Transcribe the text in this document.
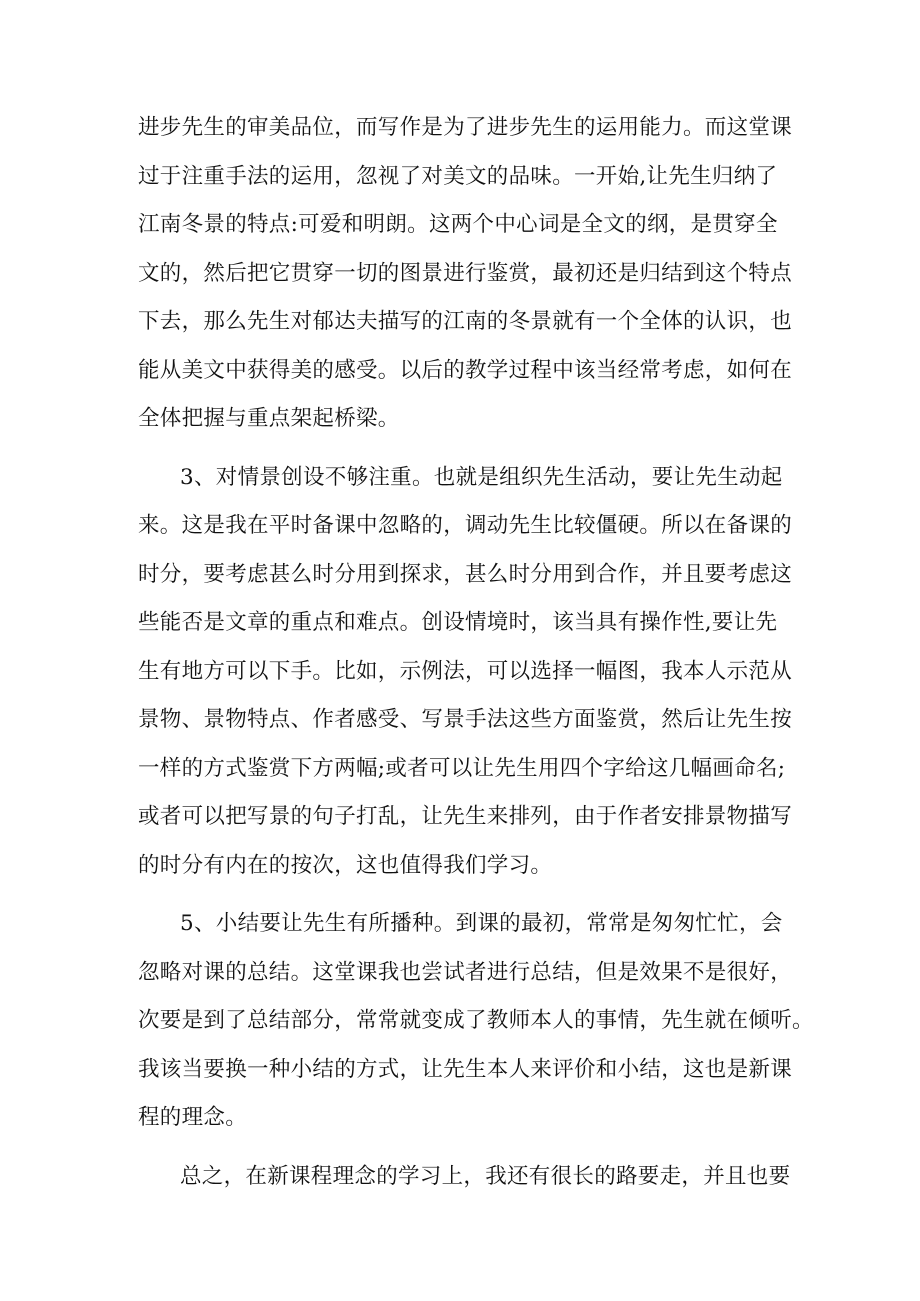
进步先生的审美品位，而写作是为了进步先生的运用能力。而这堂课
过于注重手法的运用，忽视了对美文的品味。一开始,让先生归纳了
江南冬景的特点:可爱和明朗。这两个中心词是全文的纲，是贯穿全
文的，然后把它贯穿一切的图景进行鉴赏，最初还是归结到这个特点
下去，那么先生对郁达夫描写的江南的冬景就有一个全体的认识，也
能从美文中获得美的感受。以后的教学过程中该当经常考虑，如何在
全体把握与重点架起桥梁。
3、对情景创设不够注重。也就是组织先生活动，要让先生动起
来。这是我在平时备课中忽略的，调动先生比较僵硬。所以在备课的
时分，要考虑甚么时分用到探求，甚么时分用到合作，并且要考虑这
些能否是文章的重点和难点。创设情境时，该当具有操作性,要让先
生有地方可以下手。比如，示例法，可以选择一幅图，我本人示范从
景物、景物特点、作者感受、写景手法这些方面鉴赏，然后让先生按
一样的方式鉴赏下方两幅;或者可以让先生用四个字给这几幅画命名;
或者可以把写景的句子打乱，让先生来排列，由于作者安排景物描写
的时分有内在的按次，这也值得我们学习。
5、小结要让先生有所播种。到课的最初，常常是匆匆忙忙，会
忽略对课的总结。这堂课我也尝试者进行总结，但是效果不是很好，
次要是到了总结部分，常常就变成了教师本人的事情，先生就在倾听。
我该当要换一种小结的方式，让先生本人来评价和小结，这也是新课
程的理念。
总之，在新课程理念的学习上，我还有很长的路要走，并且也要
